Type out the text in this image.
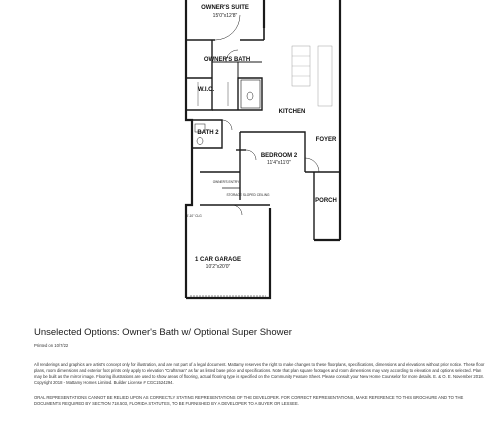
OWNER'S SUITE
15'0"x12'8"
OWNER'S BATH
W.I.C.
KITCHEN
BATH 2
BEDROOM 2
11'4"x11'0"
FOYER
OWNER'S ENTRY
STORAGE SLOPED CEILING
3'-10" CLG
PORCH
1 CAR GARAGE
10'2"x20'0"
Unselected Options: Owner's Bath w/ Optional Super Shower
Printed on 10/7/22
All renderings and graphics are artist's concept only for illustration, and are not part of a legal document. Mattamy reserves the right to make changes to these floorplans, specifications, dimensions and elevations without prior notice. These floor plans, room dimensions and exterior foot prints only apply to elevation "Craftsman" as far as listed base price and specifications. Note that plan square footages and room dimensions may vary according to elevation and options selected. Plan may be built as the mirror image. Flooring illustrations are used to show areas of flooring, actual flooring type is specified on the Community Feature Sheet. Please consult your New Home Counselor for more details. E. & O. E. November 2018. Copyright 2018 - Mattamy Homes Limited. Builder License # CGC1524294.
ORAL REPRESENTATIONS CANNOT BE RELIED UPON AS CORRECTLY STATING REPRESENTATIONS OF THE DEVELOPER. FOR CORRECT REPRESENTATIONS, MAKE REFERENCE TO THIS BROCHURE AND TO THE DOCUMENTS REQUIRED BY SECTION 718.503, FLORIDA STATUTES, TO BE FURNISHED BY A DEVELOPER TO A BUYER OR LESSEE.
